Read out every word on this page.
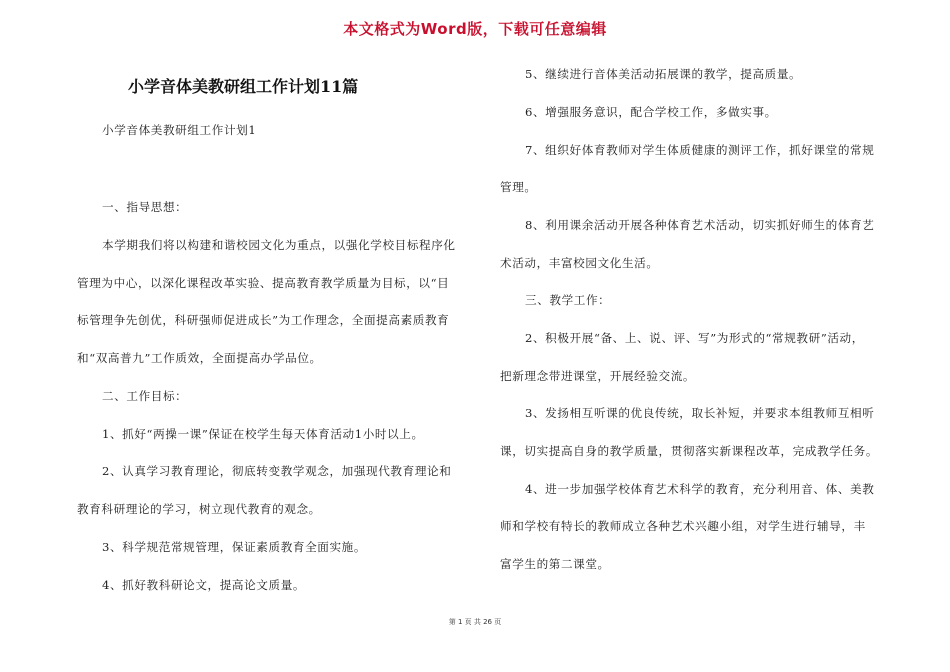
本文格式为Word版，下载可任意编辑
小学音体美教研组工作计划11篇

小学音体美教研组工作计划1

一、指导思想：

本学期我们将以构建和谐校园文化为重点，以强化学校目标程序化

管理为中心，以深化课程改革实验、提高教育教学质量为目标，以“目

标管理争先创优，科研强师促进成长”为工作理念，全面提高素质教育

和“双高普九”工作质效，全面提高办学品位。

二、工作目标：

1、抓好“两操一课”保证在校学生每天体育活动1小时以上。

2、认真学习教育理论，彻底转变教学观念，加强现代教育理论和

教育科研理论的学习，树立现代教育的观念。

3、科学规范常规管理，保证素质教育全面实施。

4、抓好教科研论文，提高论文质量。

5、继续进行音体美活动拓展课的教学，提高质量。

6、增强服务意识，配合学校工作，多做实事。

7、组织好体育教师对学生体质健康的测评工作，抓好课堂的常规

管理。

8、利用课余活动开展各种体育艺术活动，切实抓好师生的体育艺

术活动，丰富校园文化生活。

三、教学工作：

2、积极开展“备、上、说、评、写”为形式的“常规教研”活动，

把新理念带进课堂，开展经验交流。

3、发扬相互听课的优良传统，取长补短，并要求本组教师互相听

课，切实提高自身的教学质量，贯彻落实新课程改革，完成教学任务。

4、进一步加强学校体育艺术科学的教育，充分利用音、体、美教

师和学校有特长的教师成立各种艺术兴趣小组，对学生进行辅导，丰

富学生的第二课堂。

第 1 页 共 26 页
